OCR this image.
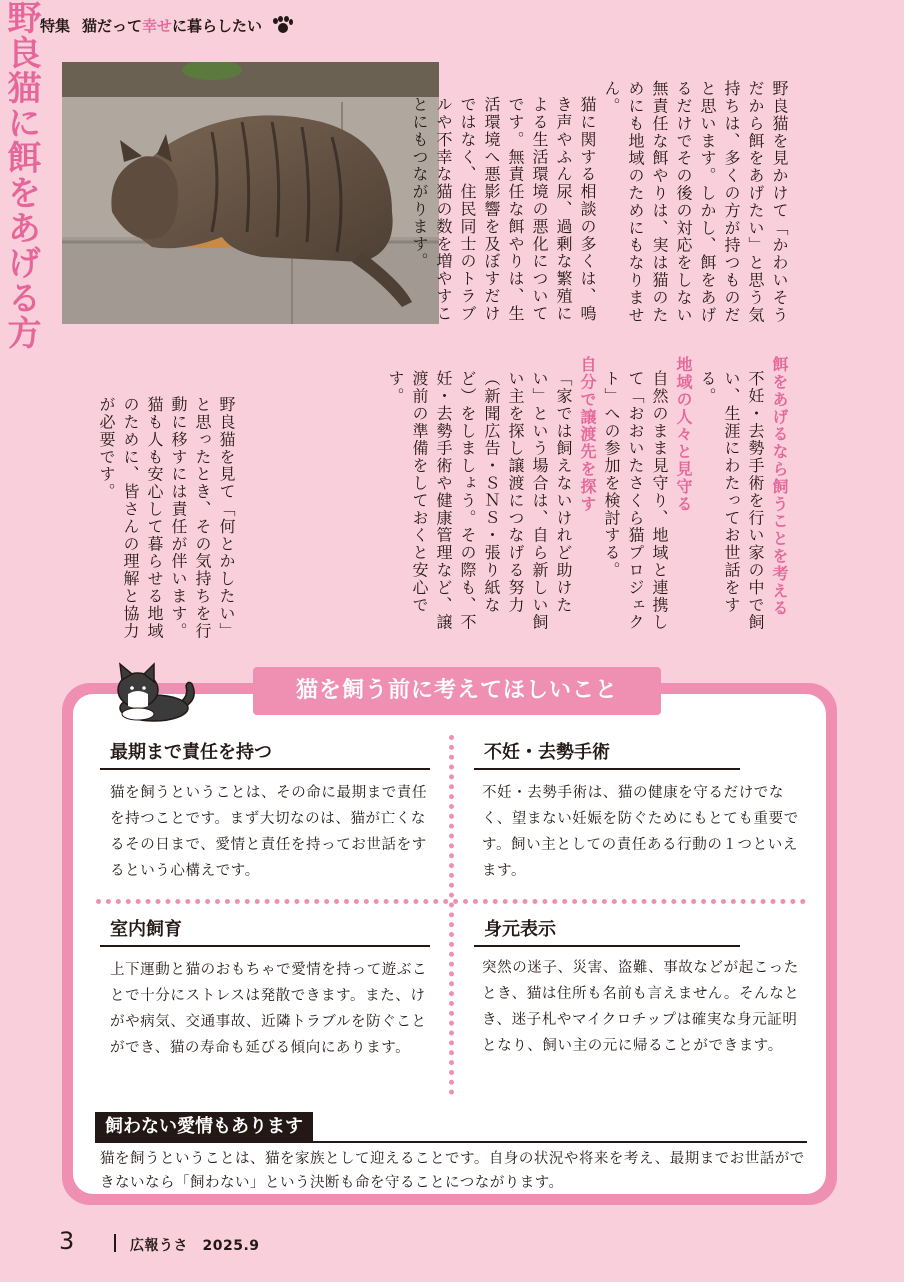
特集 猫だって幸せに暮らしたい
野良猫に餌をあげる方

野良猫を見かけて「かわいそうだから餌をあげたい」と思う気持ちは、多くの方が持つものだと思います。しかし、餌をあげるだけでその後の対応をしない無責任な餌やりは、実は猫のためにも地域のためにもなりません。

猫に関する相談の多くは、鳴き声やふん尿、過剰な繁殖による生活環境の悪化についてです。無責任な餌やりは、生活環境へ悪影響を及ぼすだけではなく、住民同士のトラブルや不幸な猫の数を増やすことにもつながります。

餌をあげるなら飼うことを考える

不妊・去勢手術を行い家の中で飼い、生涯にわたってお世話をする。

地域の人々と見守る

自然のまま見守り、地域と連携して「おおいたさくら猫プロジェクト」への参加を検討する。

自分で譲渡先を探す

「家では飼えないけれど助けたい」という場合は、自ら新しい飼い主を探し譲渡につなげる努力（新聞広告・ＳＮＳ・張り紙など）をしましょう。その際も、不妊・去勢手術や健康管理など、譲渡前の準備をしておくと安心です。

野良猫を見て「何とかしたい」と思ったとき、その気持ちを行動に移すには責任が伴います。

猫も人も安心して暮らせる地域のために、皆さんの理解と協力が必要です。

猫を飼う前に考えてほしいこと
最期まで責任を持つ
猫を飼うということは、その命に最期まで責任を持つことです。まず大切なのは、猫が亡くなるその日まで、愛情と責任を持ってお世話をするという心構えです。
不妊・去勢手術
不妊・去勢手術は、猫の健康を守るだけでなく、望まない妊娠を防ぐためにもとても重要です。飼い主としての責任ある行動の１つといえます。
室内飼育
上下運動と猫のおもちゃで愛情を持って遊ぶことで十分にストレスは発散できます。また、けがや病気、交通事故、近隣トラブルを防ぐことができ、猫の寿命も延びる傾向にあります。
身元表示
突然の迷子、災害、盗難、事故などが起こったとき、猫は住所も名前も言えません。そんなとき、迷子札やマイクロチップは確実な身元証明となり、飼い主の元に帰ることができます。
飼わない愛情もあります
猫を飼うということは、猫を家族として迎えることです。自身の状況や将来を考え、最期までお世話ができないなら「飼わない」という決断も命を守ることにつながります。
3	広報うさ　2025.9
